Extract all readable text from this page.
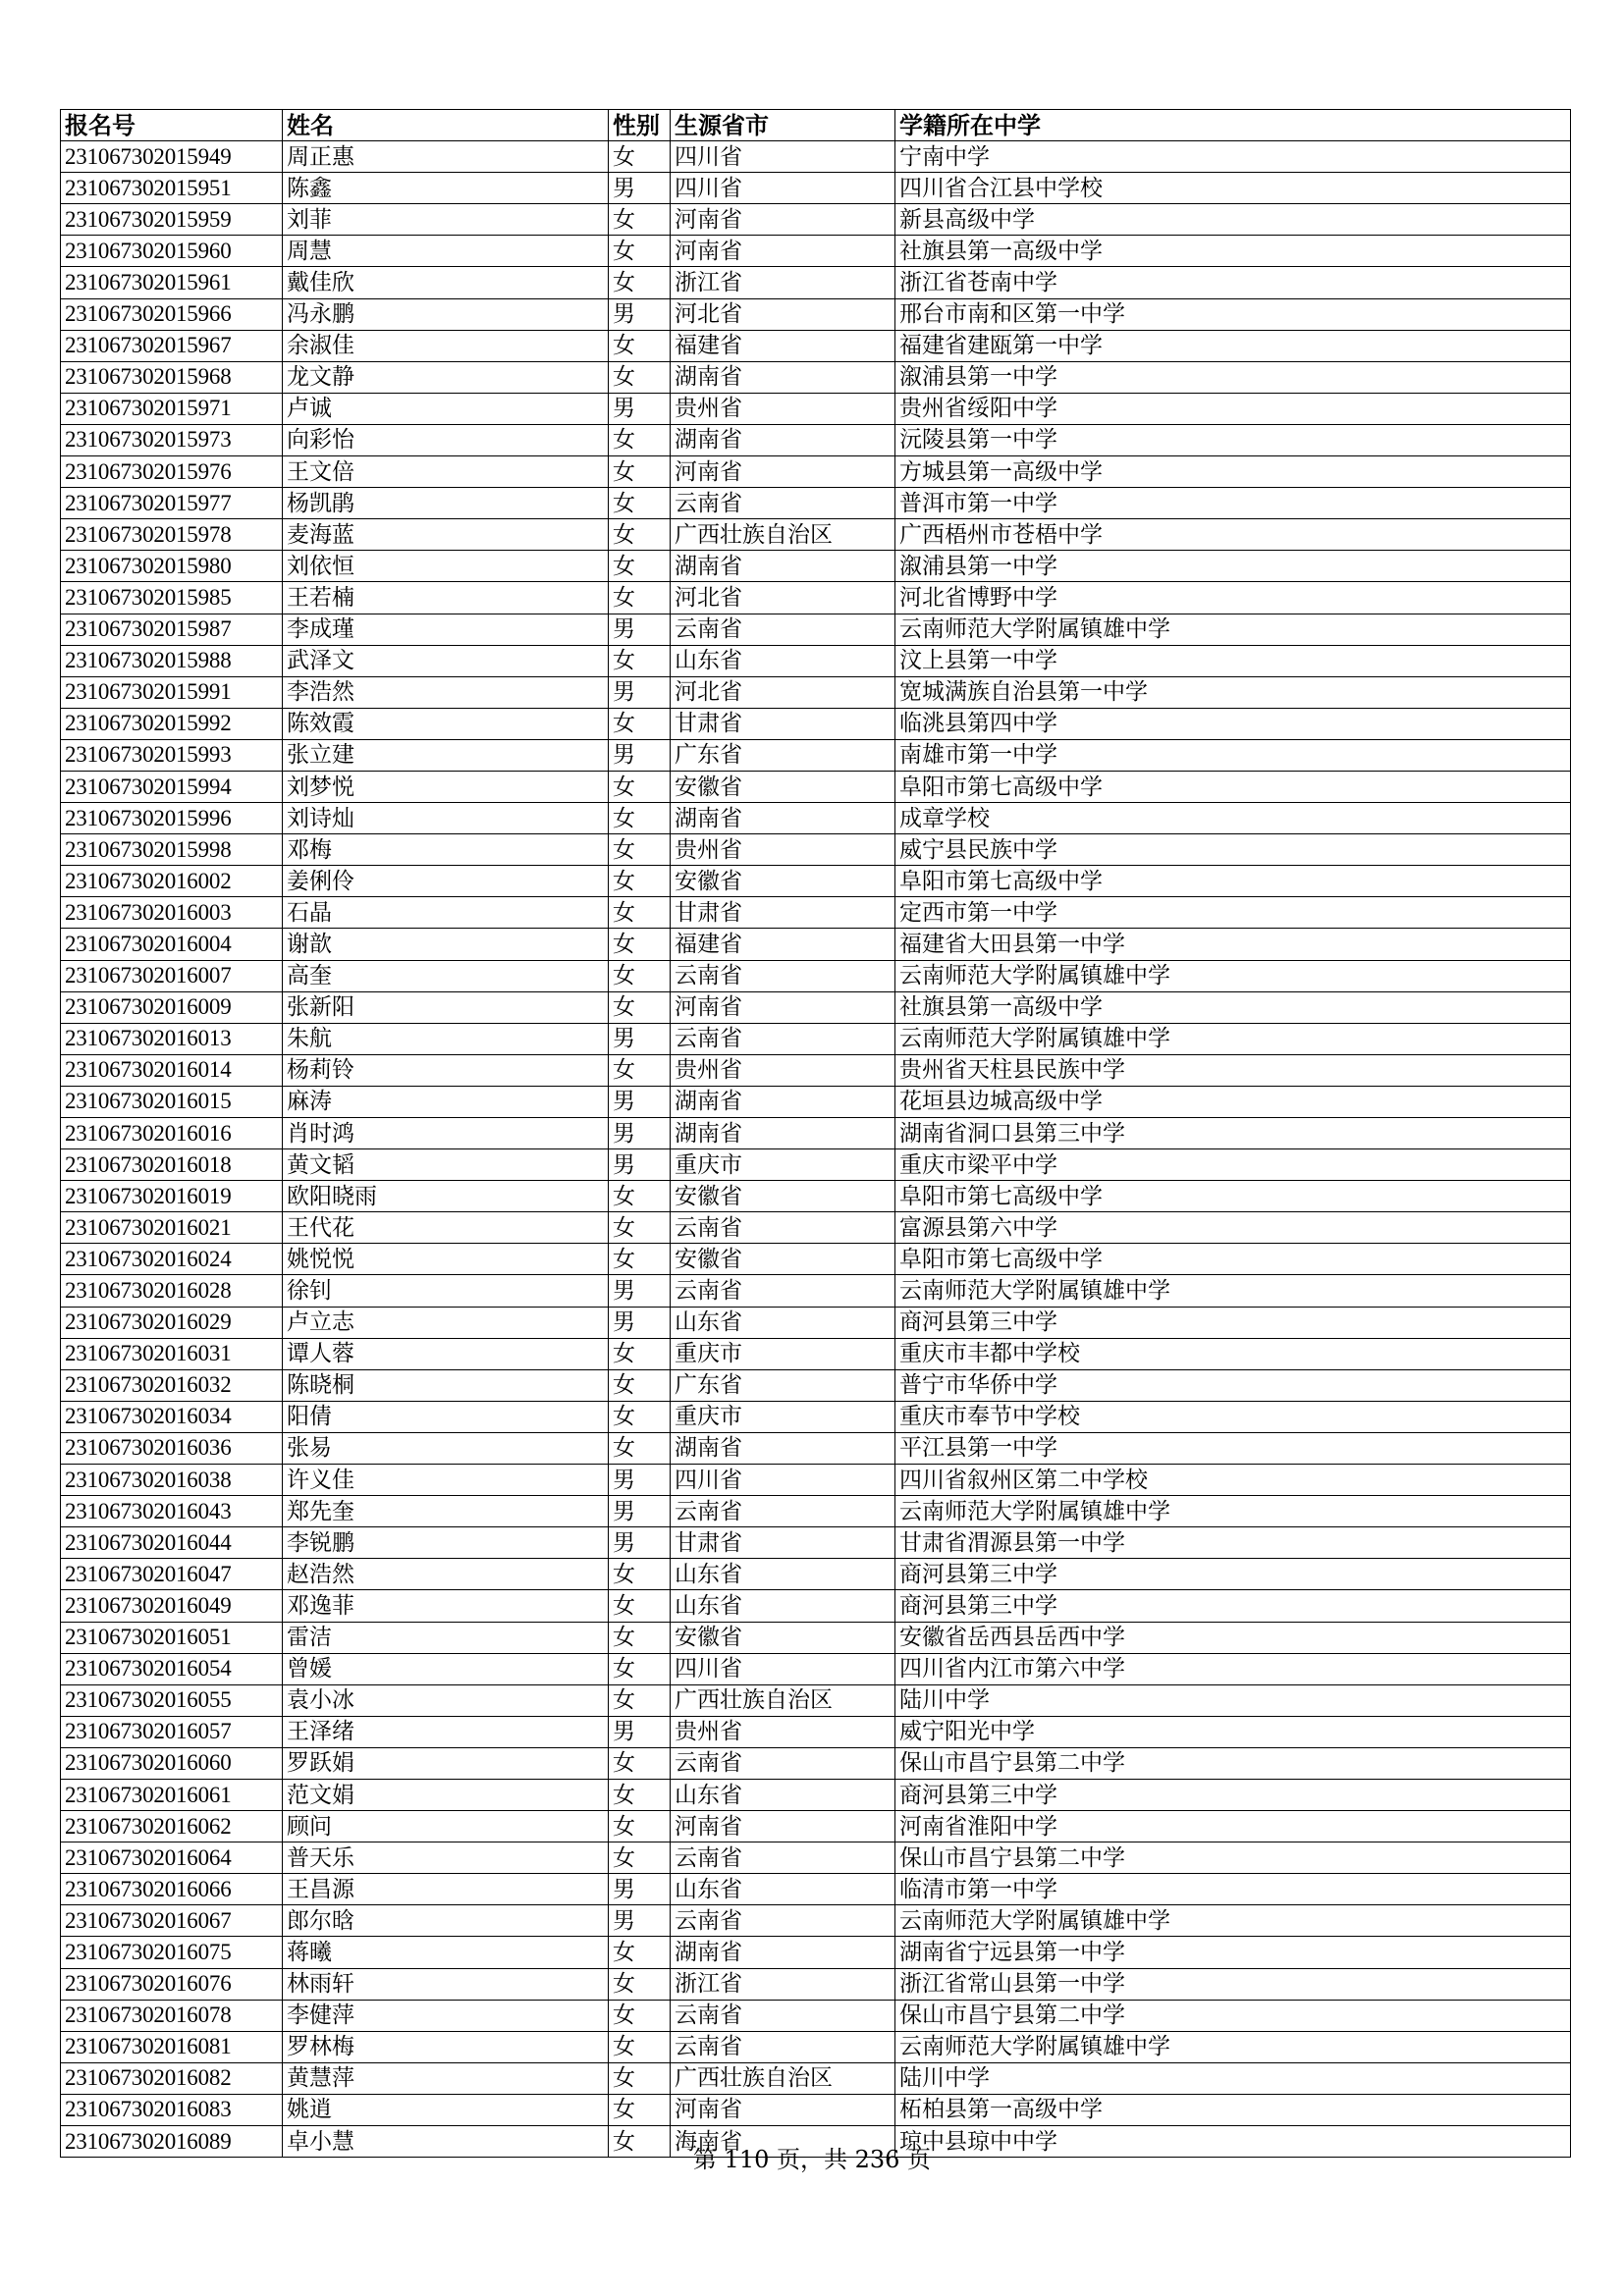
报名号	姓名	性别	生源省市	学籍所在中学
231067302015949	周正惠	女	四川省	宁南中学
231067302015951	陈鑫	男	四川省	四川省合江县中学校
231067302015959	刘菲	女	河南省	新县高级中学
231067302015960	周慧	女	河南省	社旗县第一高级中学
231067302015961	戴佳欣	女	浙江省	浙江省苍南中学
231067302015966	冯永鹏	男	河北省	邢台市南和区第一中学
231067302015967	余淑佳	女	福建省	福建省建瓯第一中学
231067302015968	龙文静	女	湖南省	溆浦县第一中学
231067302015971	卢诚	男	贵州省	贵州省绥阳中学
231067302015973	向彩怡	女	湖南省	沅陵县第一中学
231067302015976	王文倍	女	河南省	方城县第一高级中学
231067302015977	杨凯鹃	女	云南省	普洱市第一中学
231067302015978	麦海蓝	女	广西壮族自治区	广西梧州市苍梧中学
231067302015980	刘依恒	女	湖南省	溆浦县第一中学
231067302015985	王若楠	女	河北省	河北省博野中学
231067302015987	李成瑾	男	云南省	云南师范大学附属镇雄中学
231067302015988	武泽文	女	山东省	汶上县第一中学
231067302015991	李浩然	男	河北省	宽城满族自治县第一中学
231067302015992	陈效霞	女	甘肃省	临洮县第四中学
231067302015993	张立建	男	广东省	南雄市第一中学
231067302015994	刘梦悦	女	安徽省	阜阳市第七高级中学
231067302015996	刘诗灿	女	湖南省	成章学校
231067302015998	邓梅	女	贵州省	威宁县民族中学
231067302016002	姜俐伶	女	安徽省	阜阳市第七高级中学
231067302016003	石晶	女	甘肃省	定西市第一中学
231067302016004	谢歆	女	福建省	福建省大田县第一中学
231067302016007	高奎	女	云南省	云南师范大学附属镇雄中学
231067302016009	张新阳	女	河南省	社旗县第一高级中学
231067302016013	朱航	男	云南省	云南师范大学附属镇雄中学
231067302016014	杨莉铃	女	贵州省	贵州省天柱县民族中学
231067302016015	麻涛	男	湖南省	花垣县边城高级中学
231067302016016	肖时鸿	男	湖南省	湖南省洞口县第三中学
231067302016018	黄文韬	男	重庆市	重庆市梁平中学
231067302016019	欧阳晓雨	女	安徽省	阜阳市第七高级中学
231067302016021	王代花	女	云南省	富源县第六中学
231067302016024	姚悦悦	女	安徽省	阜阳市第七高级中学
231067302016028	徐钊	男	云南省	云南师范大学附属镇雄中学
231067302016029	卢立志	男	山东省	商河县第三中学
231067302016031	谭人蓉	女	重庆市	重庆市丰都中学校
231067302016032	陈晓桐	女	广东省	普宁市华侨中学
231067302016034	阳倩	女	重庆市	重庆市奉节中学校
231067302016036	张易	女	湖南省	平江县第一中学
231067302016038	许义佳	男	四川省	四川省叙州区第二中学校
231067302016043	郑先奎	男	云南省	云南师范大学附属镇雄中学
231067302016044	李锐鹏	男	甘肃省	甘肃省渭源县第一中学
231067302016047	赵浩然	女	山东省	商河县第三中学
231067302016049	邓逸菲	女	山东省	商河县第三中学
231067302016051	雷洁	女	安徽省	安徽省岳西县岳西中学
231067302016054	曾媛	女	四川省	四川省内江市第六中学
231067302016055	袁小冰	女	广西壮族自治区	陆川中学
231067302016057	王泽绪	男	贵州省	威宁阳光中学
231067302016060	罗跃娟	女	云南省	保山市昌宁县第二中学
231067302016061	范文娟	女	山东省	商河县第三中学
231067302016062	顾问	女	河南省	河南省淮阳中学
231067302016064	普天乐	女	云南省	保山市昌宁县第二中学
231067302016066	王昌源	男	山东省	临清市第一中学
231067302016067	郎尔晗	男	云南省	云南师范大学附属镇雄中学
231067302016075	蒋曦	女	湖南省	湖南省宁远县第一中学
231067302016076	林雨轩	女	浙江省	浙江省常山县第一中学
231067302016078	李健萍	女	云南省	保山市昌宁县第二中学
231067302016081	罗林梅	女	云南省	云南师范大学附属镇雄中学
231067302016082	黄慧萍	女	广西壮族自治区	陆川中学
231067302016083	姚逍	女	河南省	柘柏县第一高级中学
231067302016089	卓小慧	女	海南省	琼中县琼中中学
第 110 页，共 236 页
